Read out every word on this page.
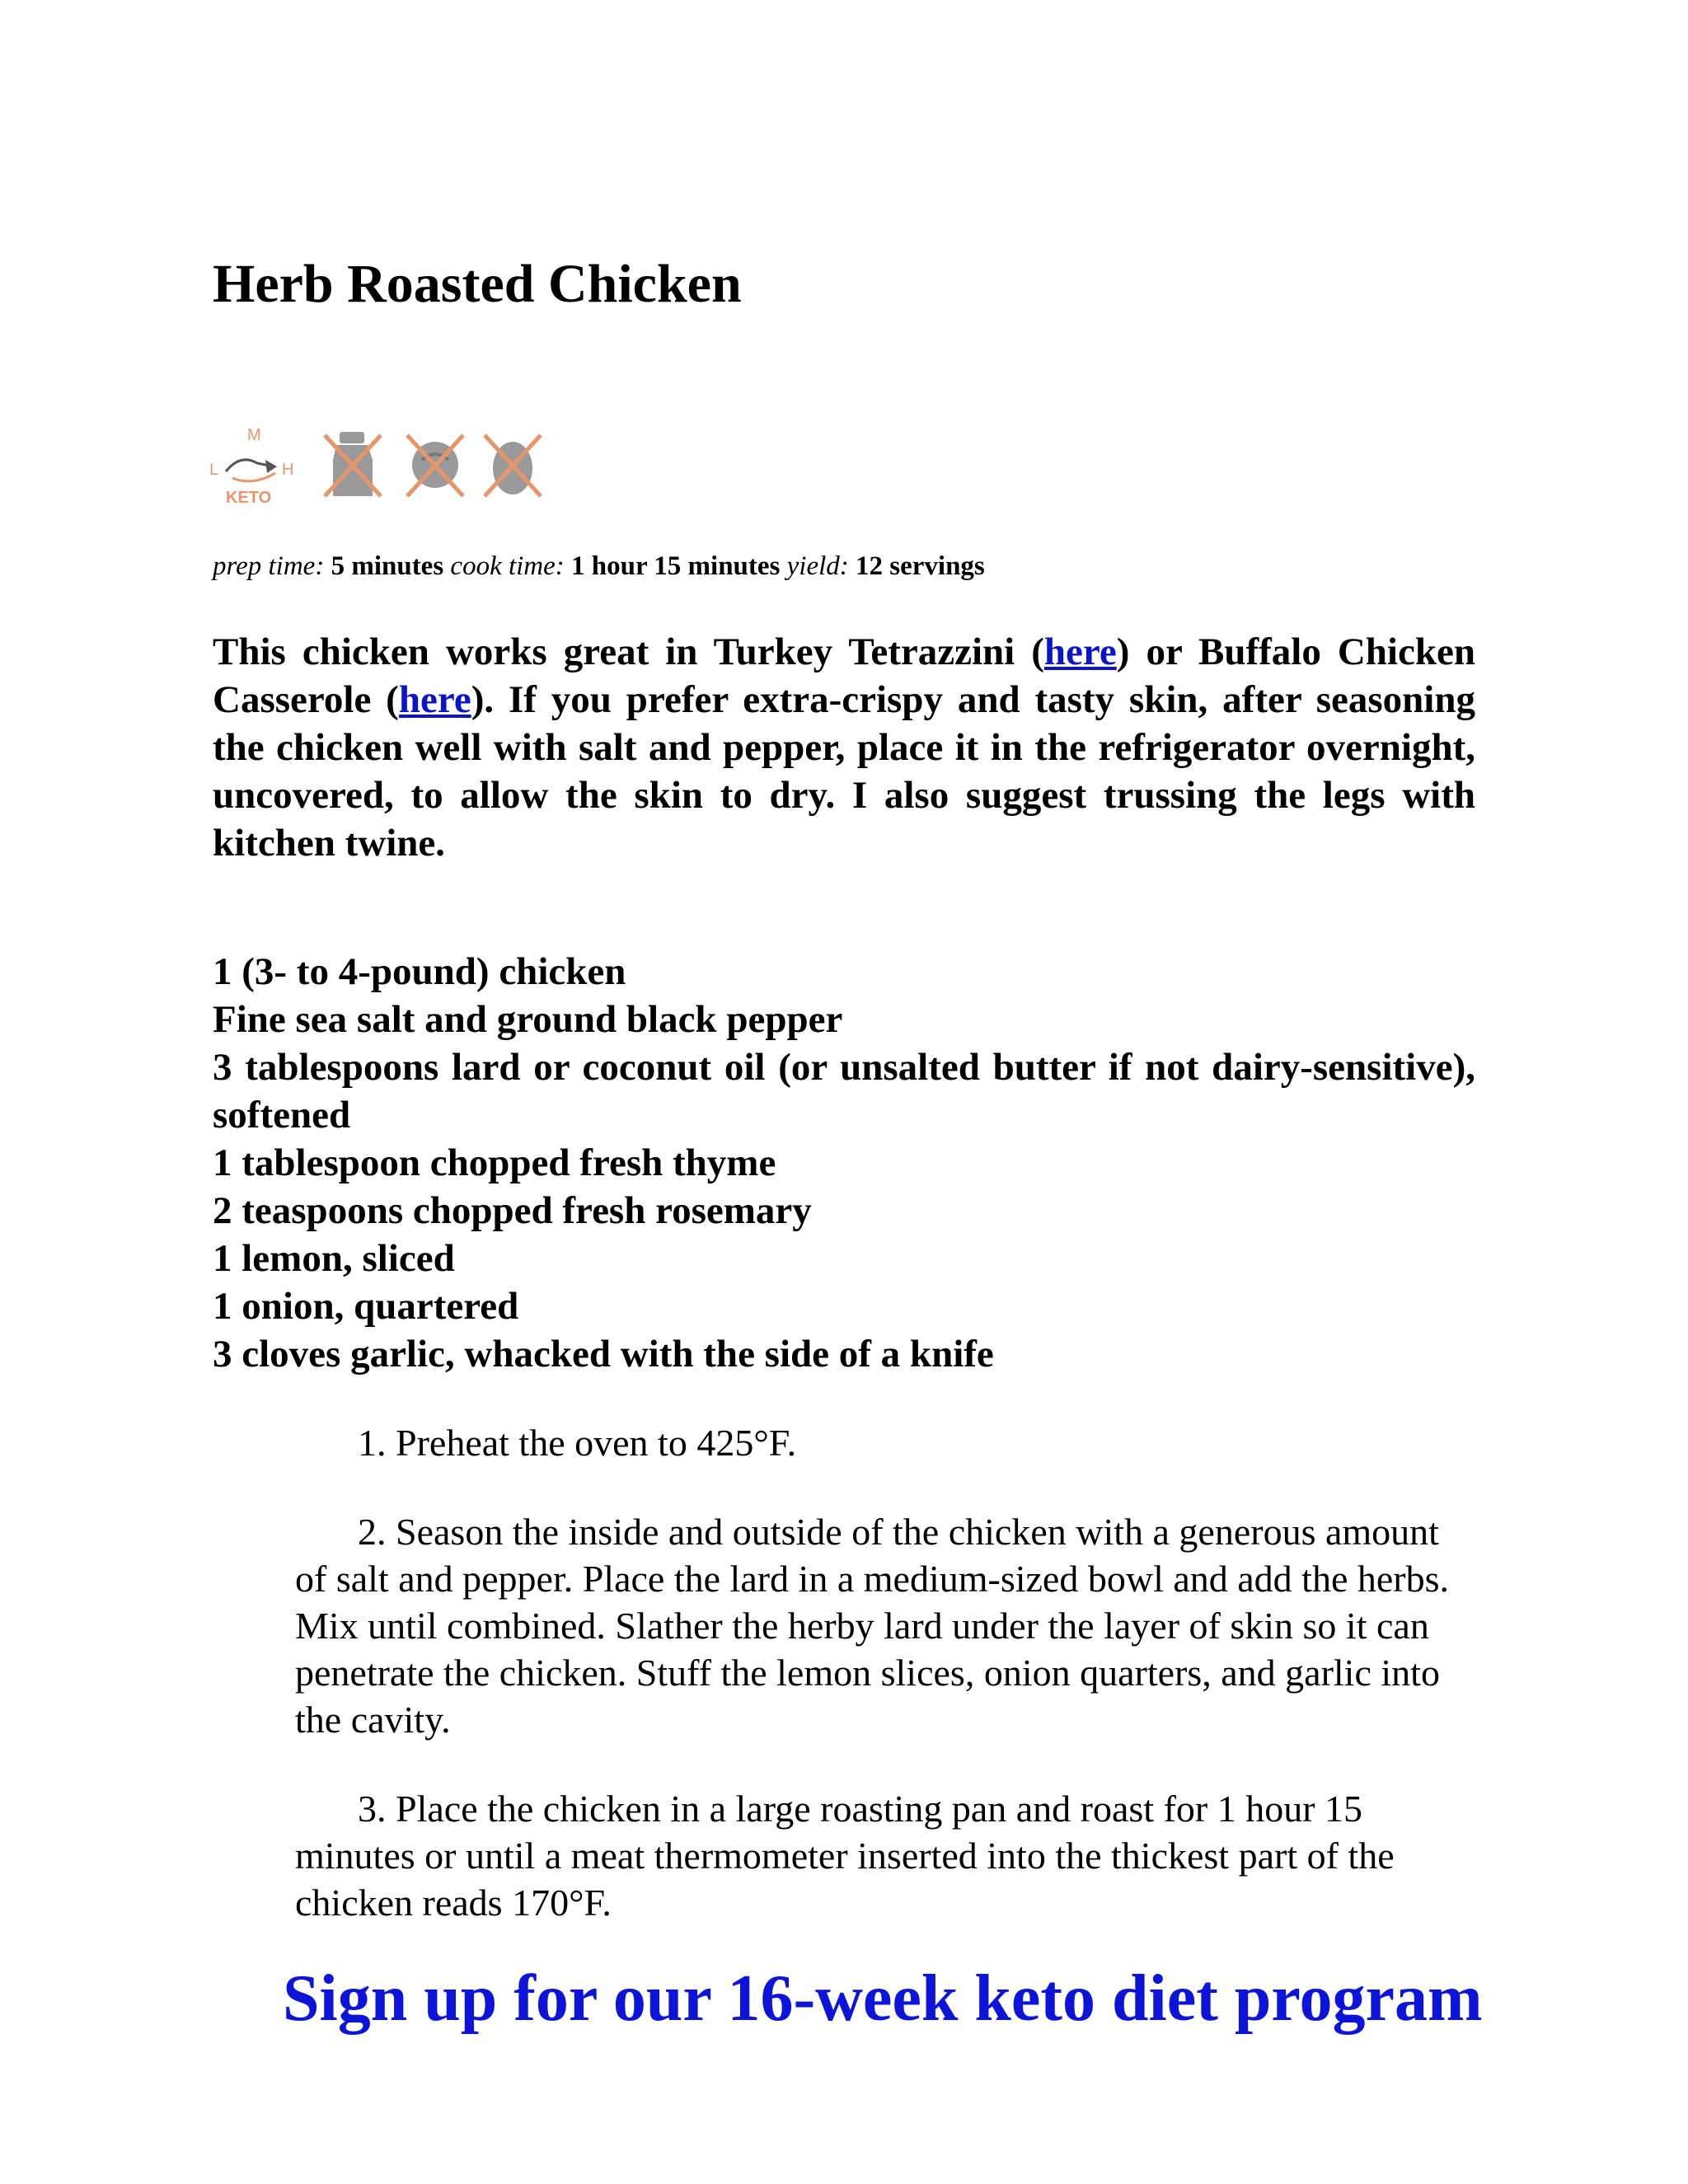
Herb Roasted Chicken
M
L	H
KETO
prep time: 5 minutes cook time: 1 hour 15 minutes yield: 12 servings

This chicken works great in Turkey Tetrazzini (here) or Buffalo Chicken Casserole (here). If you prefer extra-crispy and tasty skin, after seasoning the chicken well with salt and pepper, place it in the refrigerator overnight, uncovered, to allow the skin to dry. I also suggest trussing the legs with kitchen twine.

1 (3- to 4-pound) chicken
Fine sea salt and ground black pepper
3 tablespoons lard or coconut oil (or unsalted butter if not dairy-sensitive), softened
1 tablespoon chopped fresh thyme
2 teaspoons chopped fresh rosemary
1 lemon, sliced
1 onion, quartered
3 cloves garlic, whacked with the side of a knife
1. Preheat the oven to 425°F.
2. Season the inside and outside of the chicken with a generous amount of salt and pepper. Place the lard in a medium-sized bowl and add the herbs. Mix until combined. Slather the herby lard under the layer of skin so it can penetrate the chicken. Stuff the lemon slices, onion quarters, and garlic into the cavity.
3. Place the chicken in a large roasting pan and roast for 1 hour 15 minutes or until a meat thermometer inserted into the thickest part of the chicken reads 170°F.
Sign up for our 16-week keto diet program
